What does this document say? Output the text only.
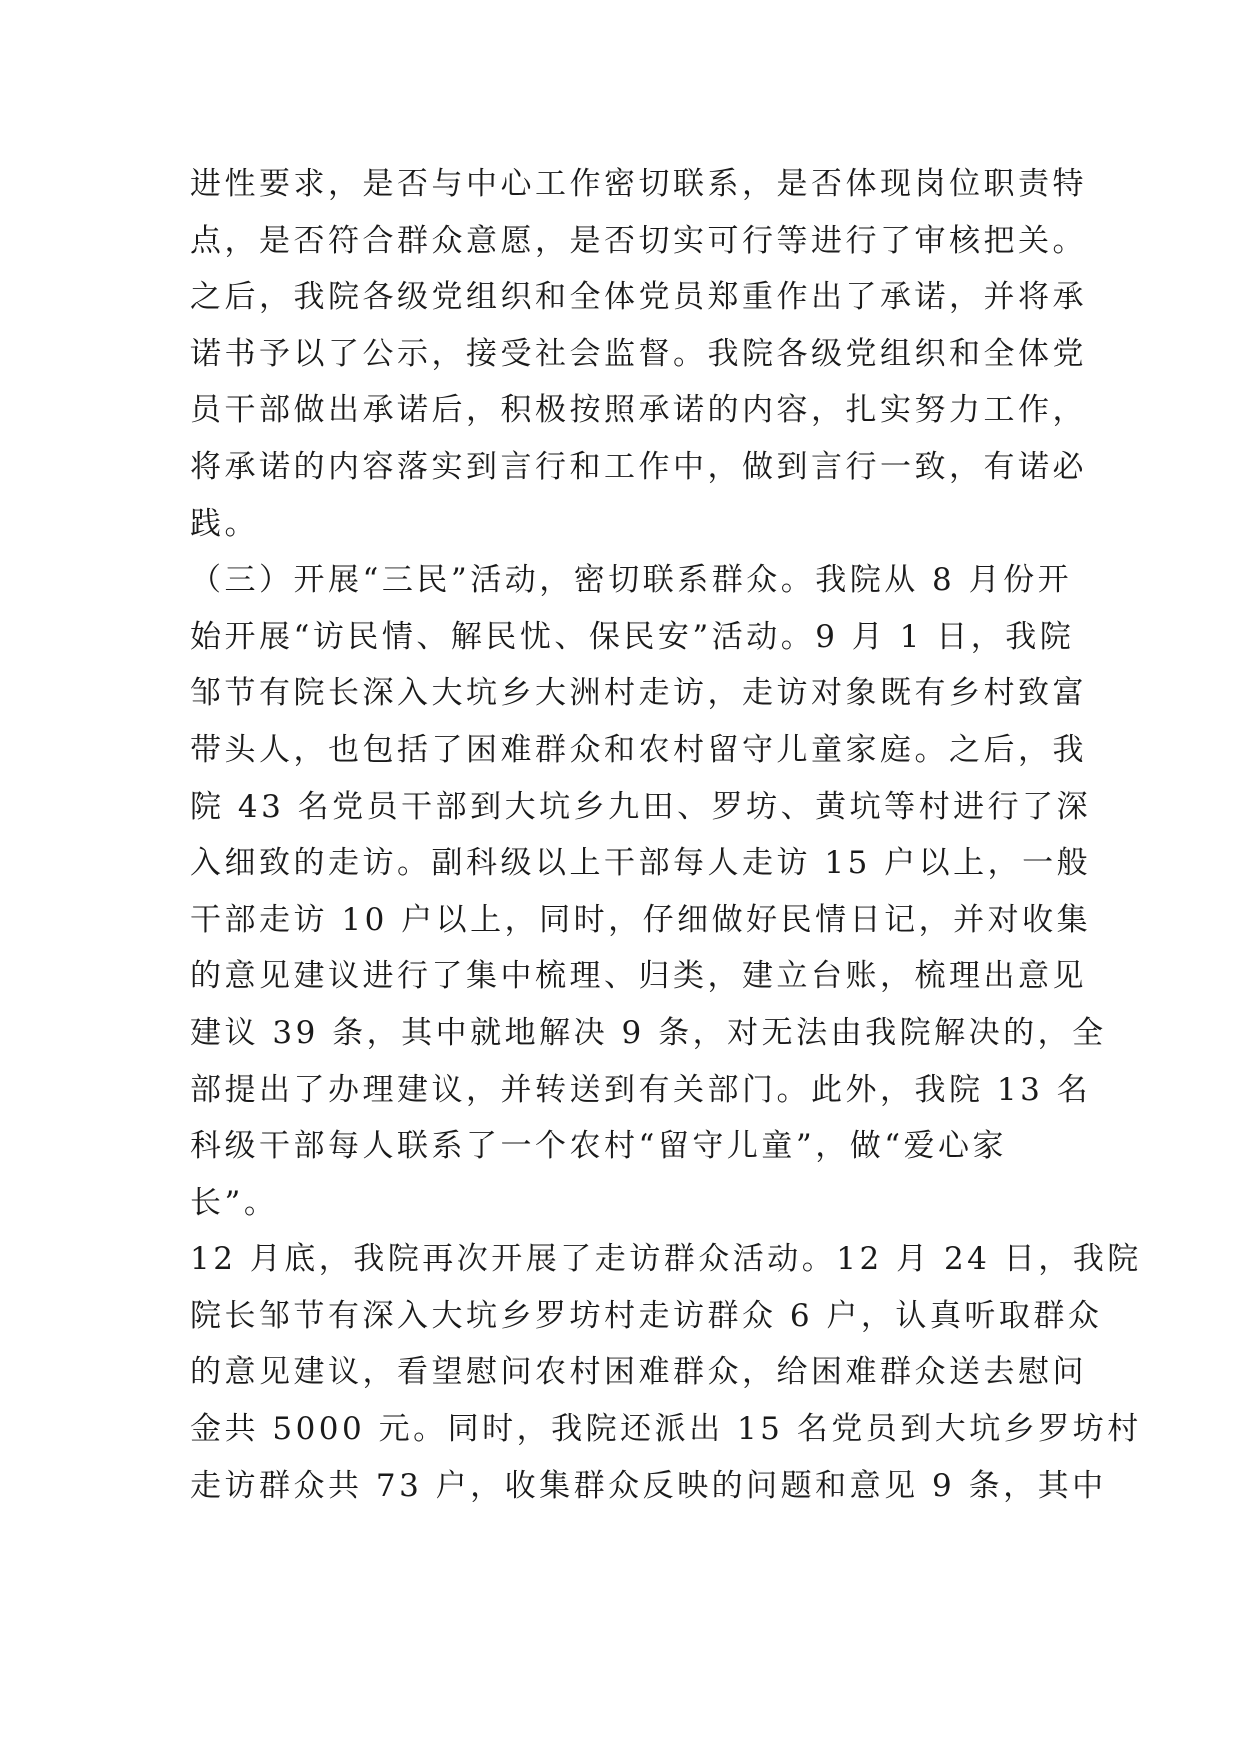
进性要求，是否与中心工作密切联系，是否体现岗位职责特
点，是否符合群众意愿，是否切实可行等进行了审核把关。
之后，我院各级党组织和全体党员郑重作出了承诺，并将承
诺书予以了公示，接受社会监督。我院各级党组织和全体党
员干部做出承诺后，积极按照承诺的内容，扎实努力工作，
将承诺的内容落实到言行和工作中，做到言行一致，有诺必
践。
（三）开展“三民”活动，密切联系群众。我院从 8 月份开
始开展“访民情、解民忧、保民安”活动。9 月 1 日，我院
邹节有院长深入大坑乡大洲村走访，走访对象既有乡村致富
带头人，也包括了困难群众和农村留守儿童家庭。之后，我
院 43 名党员干部到大坑乡九田、罗坊、黄坑等村进行了深
入细致的走访。副科级以上干部每人走访 15 户以上，一般
干部走访 10 户以上，同时，仔细做好民情日记，并对收集
的意见建议进行了集中梳理、归类，建立台账，梳理出意见
建议 39 条，其中就地解决 9 条，对无法由我院解决的，全
部提出了办理建议，并转送到有关部门。此外，我院 13 名
科级干部每人联系了一个农村“留守儿童”，做“爱心家
长”。
12 月底，我院再次开展了走访群众活动。12 月 24 日，我院
院长邹节有深入大坑乡罗坊村走访群众 6 户，认真听取群众
的意见建议，看望慰问农村困难群众，给困难群众送去慰问
金共 5000 元。同时，我院还派出 15 名党员到大坑乡罗坊村
走访群众共 73 户，收集群众反映的问题和意见 9 条，其中
